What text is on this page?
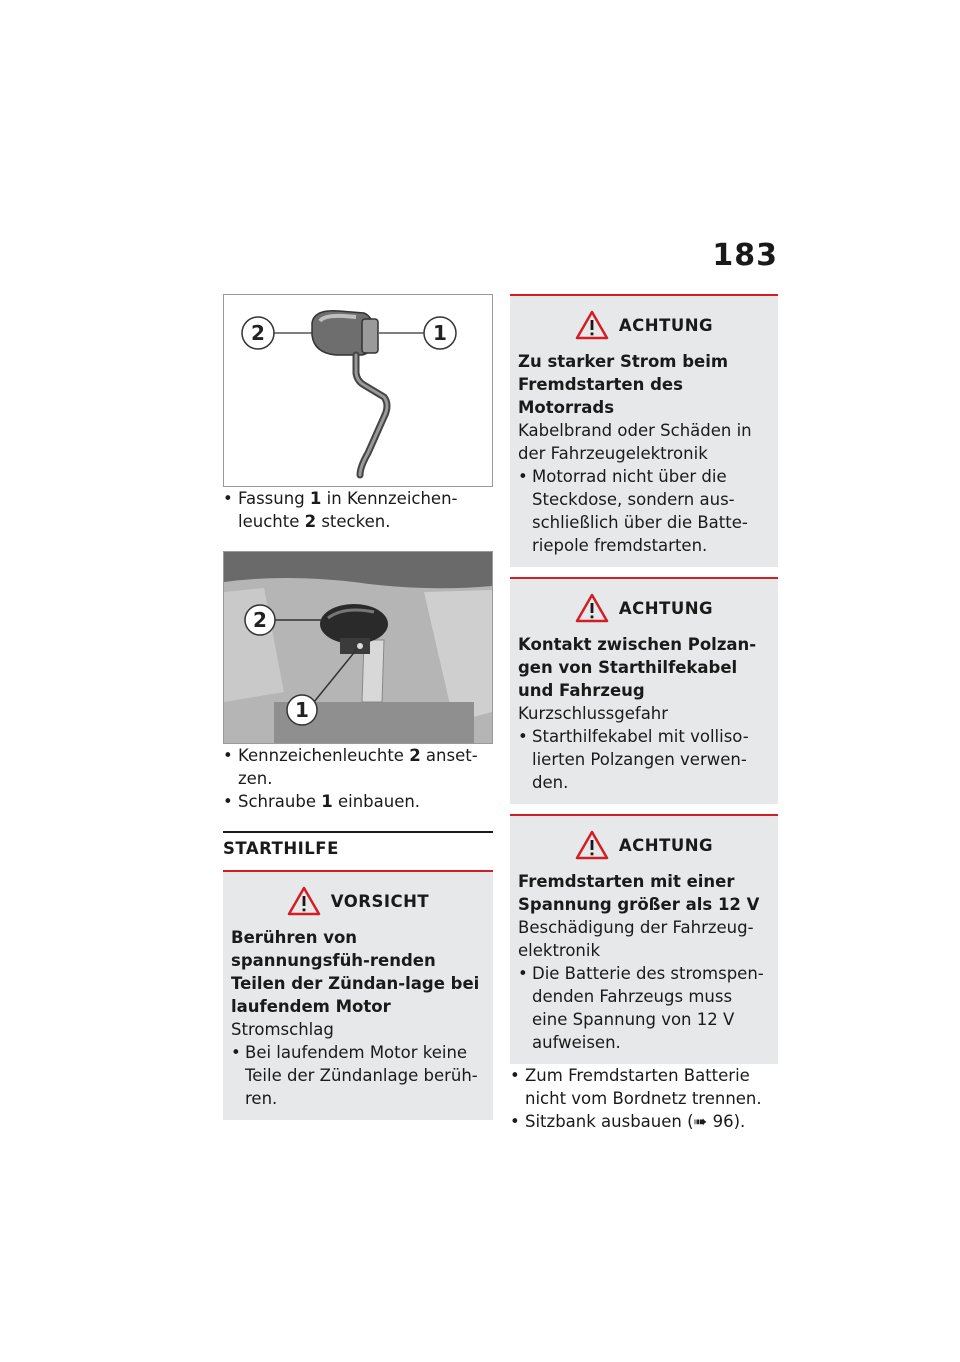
183
2	1
• Fassung 1 in Kennzeichen-leuchte 2 stecken.
2
1
• Kennzeichenleuchte 2 anset-zen.
• Schraube 1 einbauen.
STARTHILFE
VORSICHT
Berühren von spannungsfüh-renden Teilen der Zündan-lage bei laufendem Motor
Stromschlag
• Bei laufendem Motor keine Teile der Zündanlage berüh-ren.
ACHTUNG
Zu starker Strom beim Fremdstarten des Motorrads
Kabelbrand oder Schäden in der Fahrzeugelektronik
• Motorrad nicht über die Steckdose, sondern aus-schließlich über die Batte-riepole fremdstarten.
ACHTUNG
Kontakt zwischen Polzan-gen von Starthilfekabel und Fahrzeug
Kurzschlussgefahr
• Starthilfekabel mit volliso-lierten Polzangen verwen-den.
ACHTUNG
Fremdstarten mit einer Spannung größer als 12 V
Beschädigung der Fahrzeug-elektronik
• Die Batterie des stromspen-denden Fahrzeugs muss eine Spannung von 12 V aufweisen.
• Zum Fremdstarten Batterie nicht vom Bordnetz trennen.
• Sitzbank ausbauen (➠ 96).
